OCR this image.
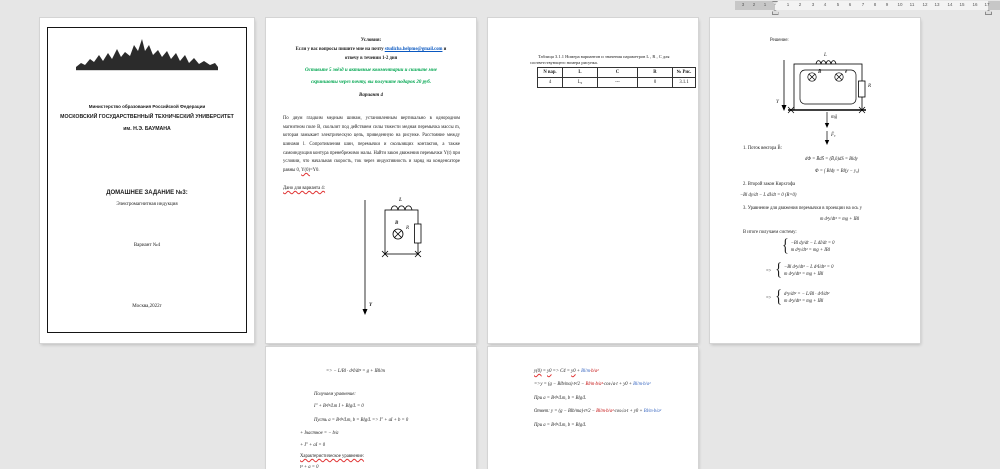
3 2 1	1 2 3 4 5 6 7 8 9 10 11 12 13 14 15 16 17
Министерство образования Российской Федерации
МОСКОВСКИЙ ГОСУДАРСТВЕННЫЙ ТЕХНИЧЕСКИЙ УНИВЕРСИТЕТ
им. Н.Э. БАУМАНА
ДОМАШНЕЕ ЗАДАНИЕ №3:
Электромагнитная индукция
Вариант №4
Москва,2022г
Условия:
Если у вас вопросы пишите мне на почту studizba.helpme@gmail.com и
отвечу в течении 1-2 дня
Оставьте 5 звёзд и активные комментарии и скиньте мне
скриншоты через почту, вы получите подарок 20 руб.
Вариант 4
По двум гладким медным шинам, установленным вертикально в однородном магнитном поле В, скользит под действием силы тяжести медная перемычка массы m, которая замыкает электрическую цепь, приведенную на рисунке. Расстояние между шинами l. Сопротивления шин, перемычки и скользящих контактов, а также самоиндукция контура пренебрежимо малы. Найти закон движения перемычки Y(t) при условии, что начальная скорость, ток через индуктивность и заряд на конденсаторе равны 0, Y(0)=Y0.
Дано для варианта 4:
L
B
R
Y
Таблица 3.1.1 Номера вариантов и значения параметров L , R , C для соответствующего номера рисунка.
N вар.	L	C	R	№ Рис.
4	L₀	---	0	3.1.1
Решение:
L
B̄	ē
R
Y
mḡ
F̄ₐ
1. Поток вектора B̄:
dΦ = B̄dS̄ = (B̄,n̄)dS = Bldy
Φ = ∫ Bldy = Bl(y − y₀)
2. Второй закон Кирхгофа
−Bl dy/dt − L dI/dt = 0 (R=0)
3. Уравнение для движения перемычки в проекции на ось y
m d²y/dt² = mg + IBl
В итоге получаем систему:
{ −Bl dy/dt − L dI/dt = 0
m d²y/dt² = mg + IBl
=> { −Bl d²y/dt² − L d²I/dt² = 0
m d²y/dt² = mg + IBl
=> { d²y/dt² = − L/Bl · d²I/dt²
m d²y/dt² = mg + IBl
=> − L/Bl · d²I/dt² = g + IBl/m
Получаем уравнение:
I″ + B²l²/Lm I + Blg/L = 0
Пусть a = B²l²/Lm, b = Blg/L => I″ + aI + b = 0
+ Iчастное = − b/a
+ I″ + aI = 0
Характеристическое уравнение:
t² + a = 0
y(0) = y0 => C4 = y0 + Bl/m·b/a²
=>y = (g − Blb/ma)·t²/2 − Bl/m·b/a²·cos√a·t + y0 + Bl/m·b/a²
При a = B²l²/Lm, b = Blg/L
Ответ: y = (g − Blb/ma)·t²/2 − Bl/m·b/a²·cos√a·t + y0 + Bl/m·b/a²
При a = B²l²/Lm, b = Blg/L
